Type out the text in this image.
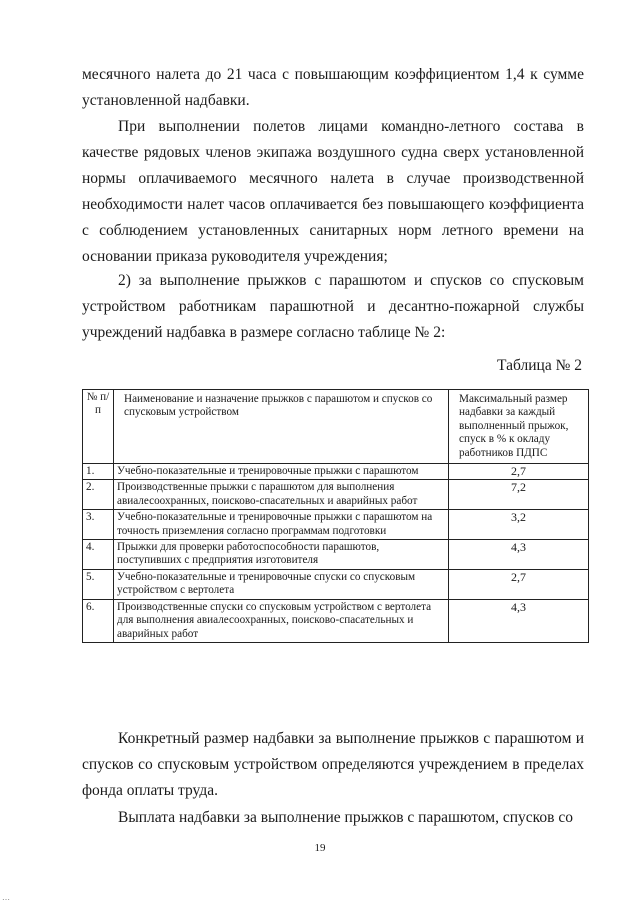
месячного налета до 21 часа с повышающим коэффициентом 1,4 к сумме установленной надбавки.

При выполнении полетов лицами командно-летного состава в качестве рядовых членов экипажа воздушного судна сверх установленной нормы оплачиваемого месячного налета в случае производственной необходимости налет часов оплачивается без повышающего коэффициента с соблюдением установленных санитарных норм летного времени на основании приказа руководителя учреждения;

2) за выполнение прыжков с парашютом и спусков со спусковым устройством работникам парашютной и десантно-пожарной службы учреждений надбавка в размере согласно таблице № 2:

Таблица № 2
№ п/п	Наименование и назначение прыжков с парашютом и спусков со спусковым устройством	Максимальный размер надбавки за каждый выполненный прыжок, спуск в % к окладу работников ПДПС
1.	Учебно-показательные и тренировочные прыжки с парашютом	2,7
2.	Производственные прыжки с парашютом для выполнения авиалесоохранных, поисково-спасательных и аварийных работ	7,2
3.	Учебно-показательные и тренировочные прыжки с парашютом на точность приземления согласно программам подготовки	3,2
4.	Прыжки для проверки работоспособности парашютов, поступивших с предприятия изготовителя	4,3
5.	Учебно-показательные и тренировочные спуски со спусковым устройством с вертолета	2,7
6.	Производственные спуски со спусковым устройством с вертолета для выполнения авиалесоохранных, поисково-спасательных и аварийных работ	4,3

Конкретный размер надбавки за выполнение прыжков с парашютом и спусков со спусковым устройством определяются учреждением в пределах фонда оплаты труда.

Выплата надбавки за выполнение прыжков с парашютом, спусков со

19
…
